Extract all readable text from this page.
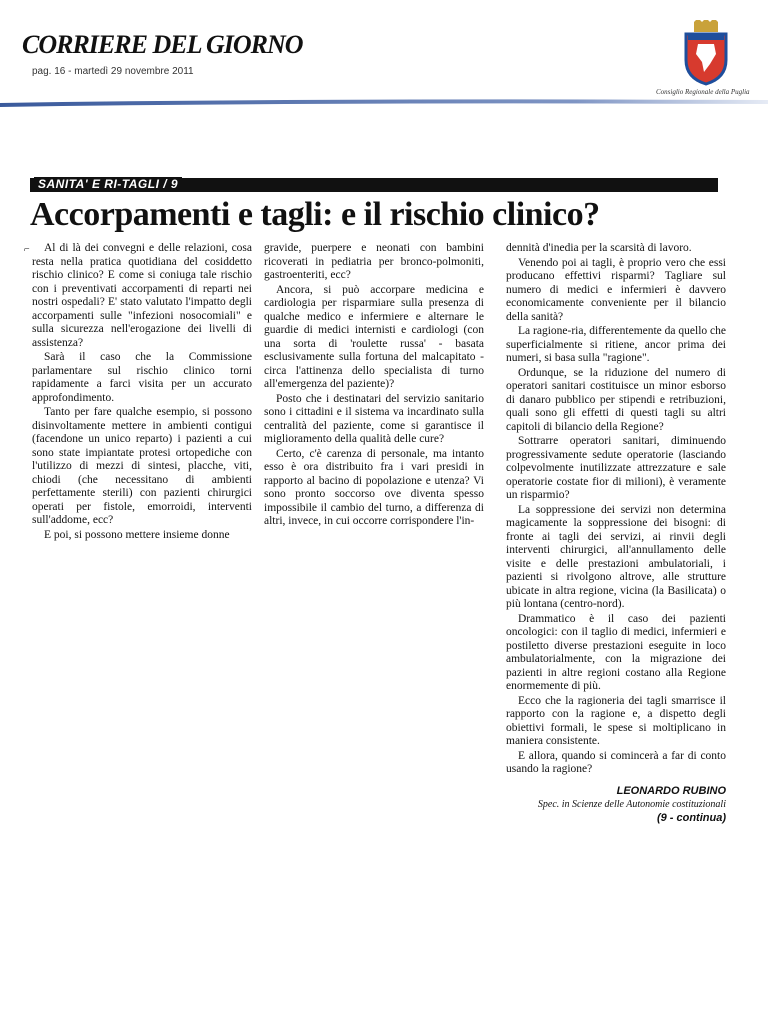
CORRIERE DEL GIORNO
pag. 16 - martedì 29 novembre 2011
Consiglio Regionale della Puglia
SANITA' E RI-TAGLI / 9
Accorpamenti e tagli: e il rischio clinico?
⌐	Al di là dei convegni e delle relazioni, cosa resta nella pratica quotidiana del cosiddetto rischio clinico? E come si coniuga tale rischio con i preventivati accorpamenti di reparti nei nostri ospedali? E' stato valutato l'impatto degli accorpamenti sulle "infezioni nosocomiali" e sulla sicurezza nell'erogazione dei livelli di assistenza?

Sarà il caso che la Commissione parlamentare sul rischio clinico torni rapidamente a farci visita per un accurato approfondimento.

Tanto per fare qualche esempio, si possono disinvoltamente mettere in ambienti contigui (facendone un unico reparto) i pazienti a cui sono state impiantate protesi ortopediche con l'utilizzo di mezzi di sintesi, placche, viti, chiodi (che necessitano di ambienti perfettamente sterili) con pazienti chirurgici operati per fistole, emorroidi, interventi sull'addome, ecc?

E poi, si possono mettere insieme donne

gravide, puerpere e neonati con bambini ricoverati in pediatria per bronco-polmoniti, gastroenteriti, ecc?

Ancora, si può accorpare medicina e cardiologia per risparmiare sulla presenza di qualche medico e infermiere e alternare le guardie di medici internisti e cardiologi (con una sorta di 'roulette russa' - basata esclusivamente sulla fortuna del malcapitato - circa l'attinenza dello specialista di turno all'emergenza del paziente)?

Posto che i destinatari del servizio sanitario sono i cittadini e il sistema va incardinato sulla centralità del paziente, come si garantisce il miglioramento della qualità delle cure?

Certo, c'è carenza di personale, ma intanto esso è ora distribuito fra i vari presidi in rapporto al bacino di popolazione e utenza? Vi sono pronto soccorso ove diventa spesso impossibile il cambio del turno, a differenza di altri, invece, in cui occorre corrispondere l'in-

dennità d'inedia per la scarsità di lavoro.

Venendo poi ai tagli, è proprio vero che essi producano effettivi risparmi? Tagliare sul numero di medici e infermieri è davvero economicamente conveniente per il bilancio della sanità?

La ragione-ria, differentemente da quello che superficialmente si ritiene, ancor prima dei numeri, si basa sulla "ragione".

Ordunque, se la riduzione del numero di operatori sanitari costituisce un minor esborso di danaro pubblico per stipendi e retribuzioni, quali sono gli effetti di questi tagli su altri capitoli di bilancio della Regione?

Sottrarre operatori sanitari, diminuendo progressivamente sedute operatorie (lasciando colpevolmente inutilizzate attrezzature e sale operatorie costate fior di milioni), è veramente un risparmio?

La soppressione dei servizi non determina magicamente la soppressione dei bisogni: di fronte ai tagli dei servizi, ai rinvii degli interventi chirurgici, all'annullamento delle visite e delle prestazioni ambulatoriali, i pazienti si rivolgono altrove, alle strutture ubicate in altra regione, vicina (la Basilicata) o più lontana (centro-nord).

Drammatico è il caso dei pazienti oncologici: con il taglio di medici, infermieri e postiletto diverse prestazioni eseguite in loco ambulatorialmente, con la migrazione dei pazienti in altre regioni costano alla Regione enormemente di più.

Ecco che la ragioneria dei tagli smarrisce il rapporto con la ragione e, a dispetto degli obiettivi formali, le spese si moltiplicano in maniera consistente.

E allora, quando si comincerà a far di conto usando la ragione?

LEONARDO RUBINO
Spec. in Scienze delle Autonomie costituzionali
(9 - continua)
